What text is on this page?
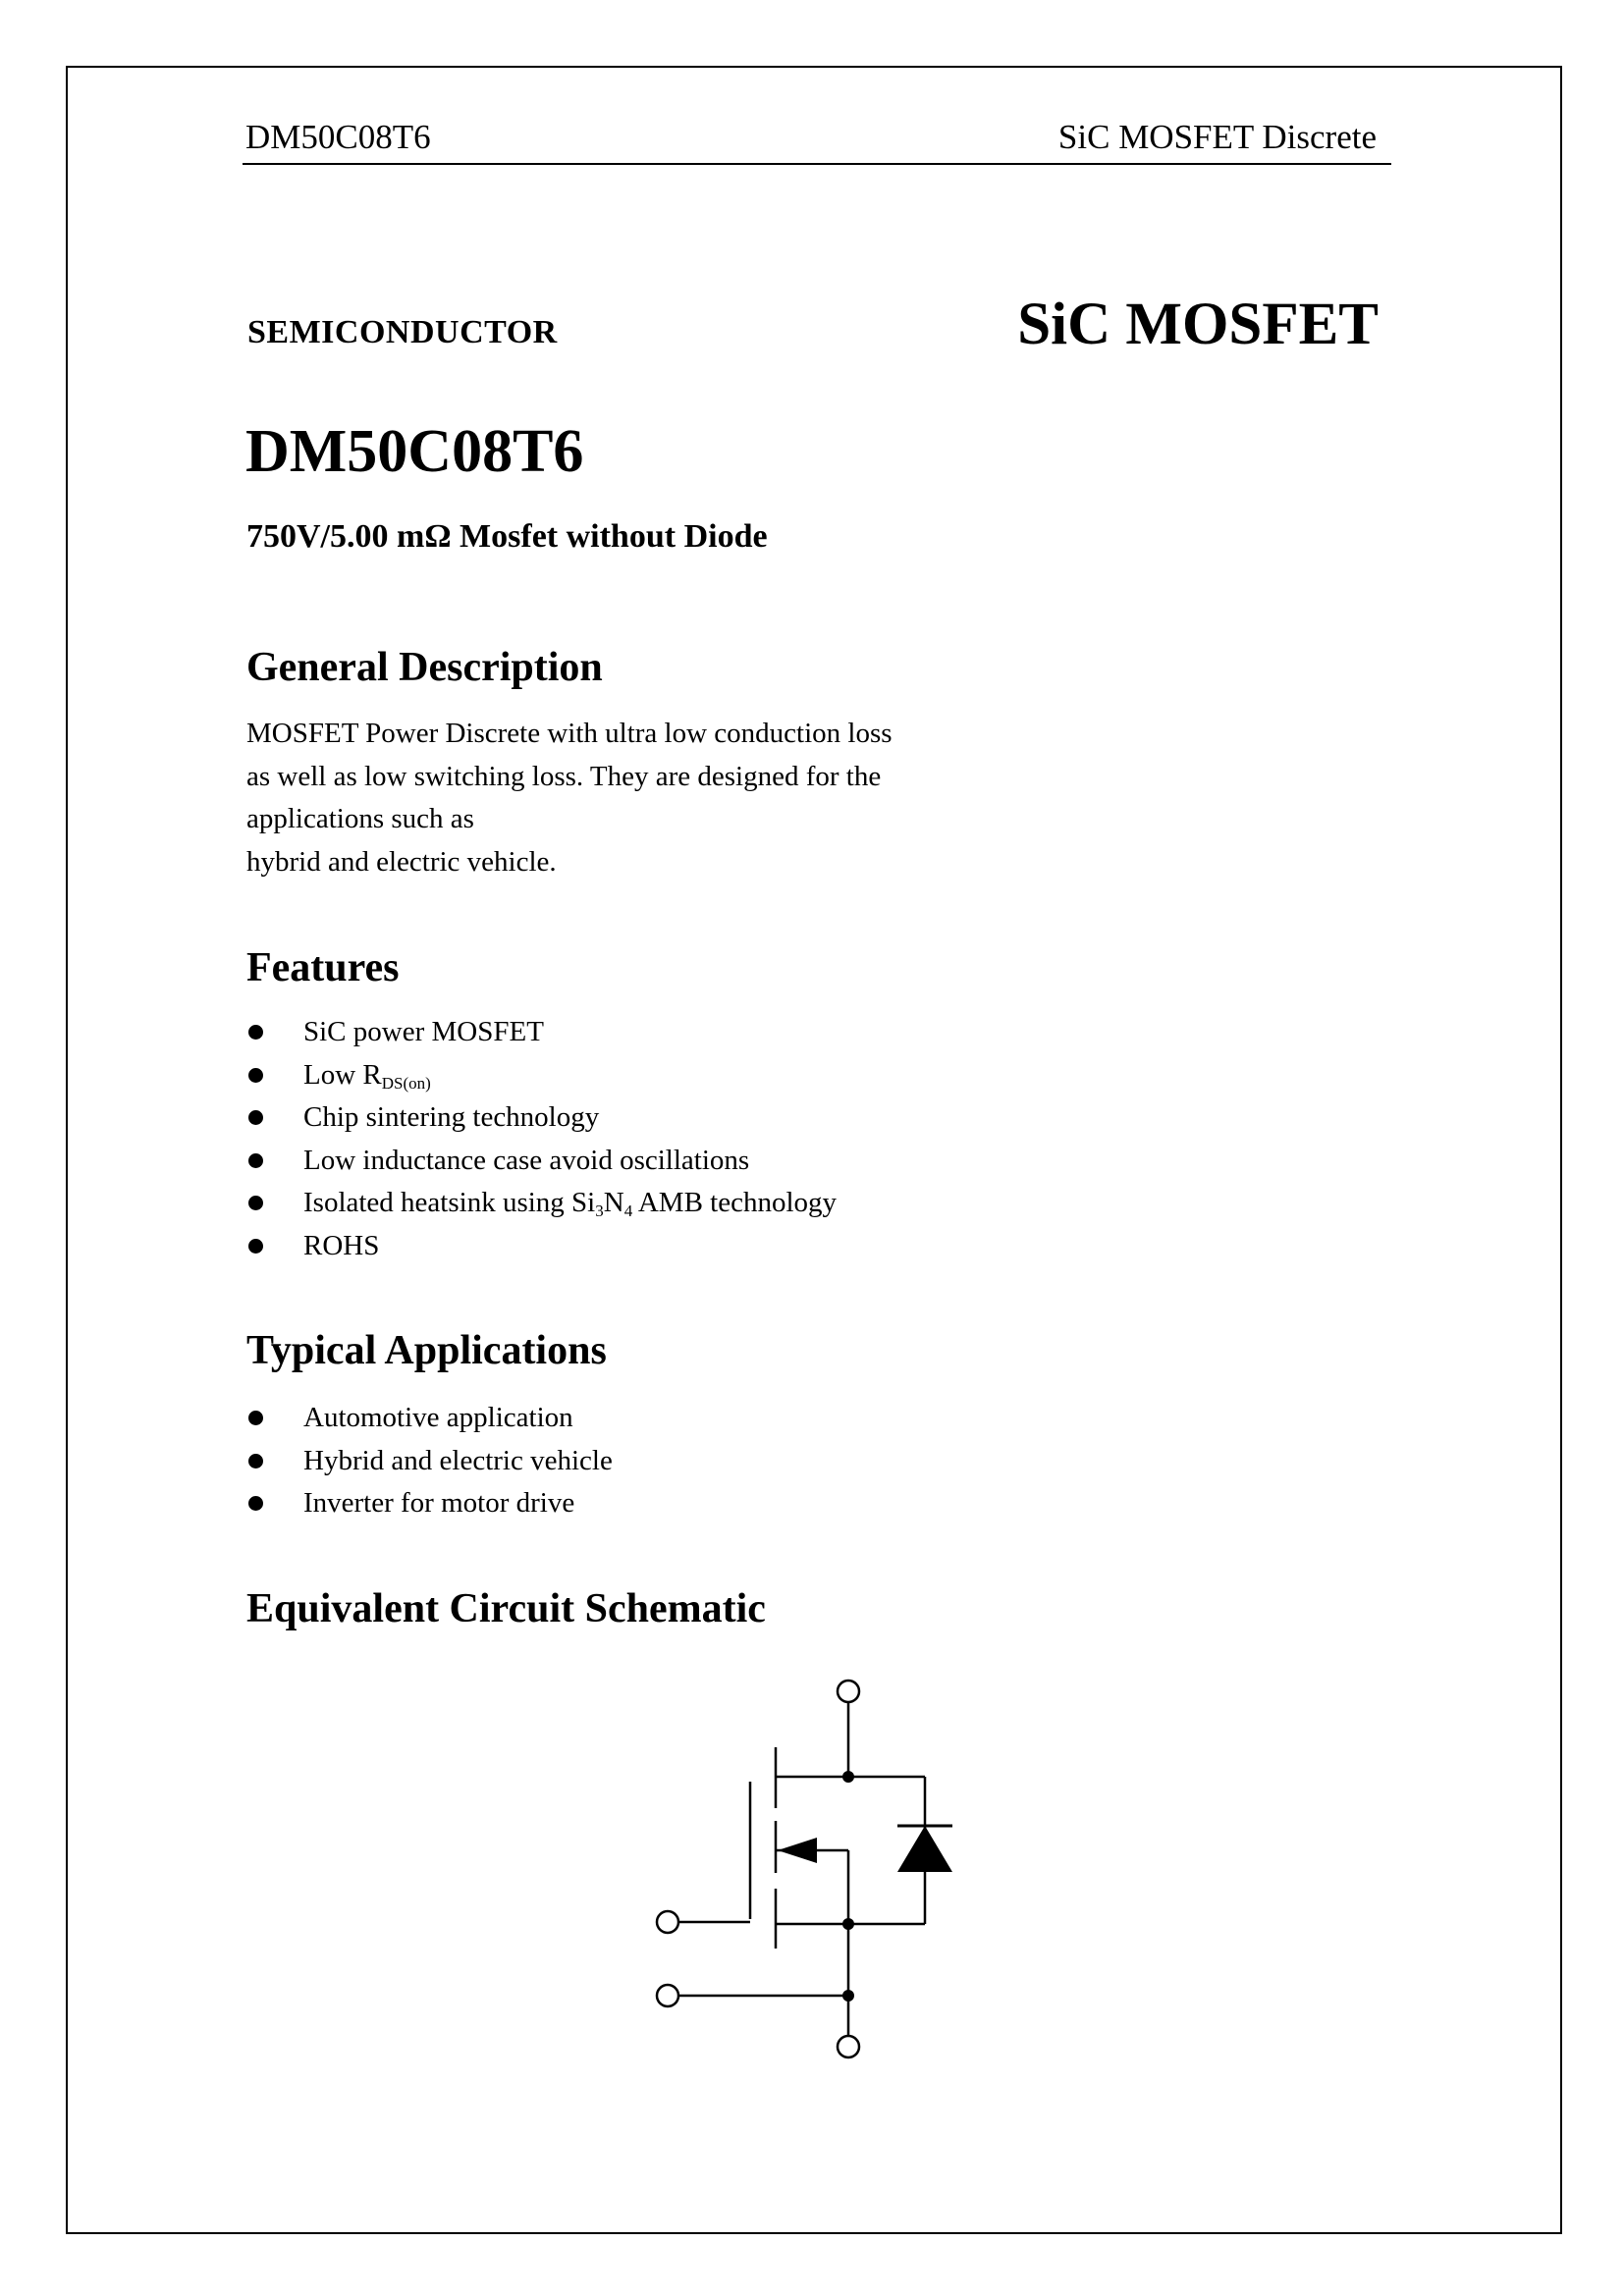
DM50C08T6	SiC MOSFET Discrete
SEMICONDUCTOR	SiC MOSFET
DM50C08T6
750V/5.00 mΩ Mosfet without Diode
General Description
MOSFET Power Discrete with ultra low conduction loss
as well as low switching loss. They are designed for the
applications such as
hybrid and electric vehicle.
Features
SiC power MOSFET
Low RDS(on)
Chip sintering technology
Low inductance case avoid oscillations
Isolated heatsink using Si3N4 AMB technology
ROHS
Typical Applications
Automotive application
Hybrid and electric vehicle
Inverter for motor drive
Equivalent Circuit Schematic
